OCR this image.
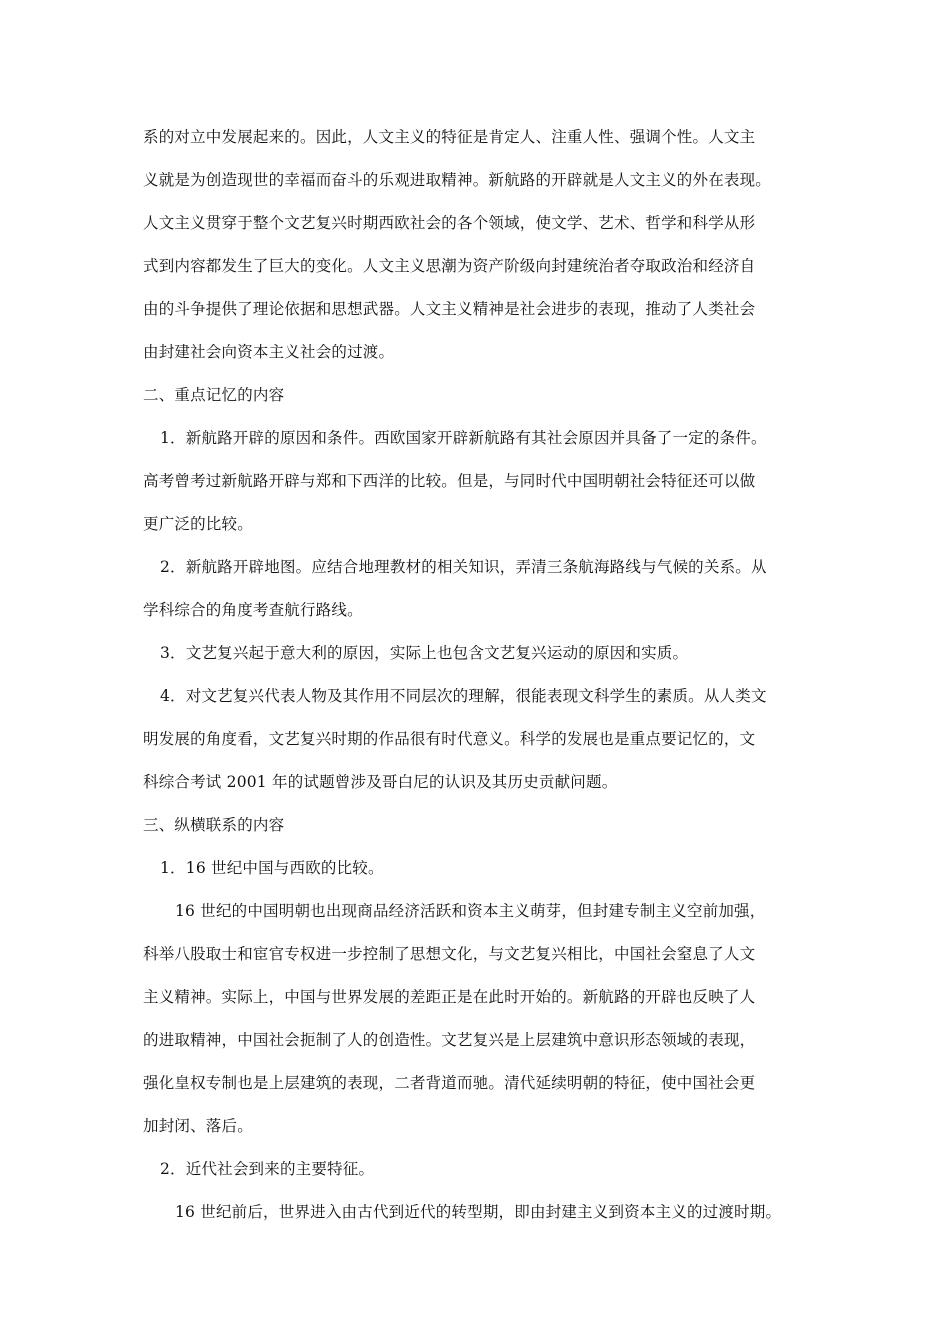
系的对立中发展起来的。因此，人文主义的特征是肯定人、注重人性、强调个性。人文主
义就是为创造现世的幸福而奋斗的乐观进取精神。新航路的开辟就是人文主义的外在表现。
人文主义贯穿于整个文艺复兴时期西欧社会的各个领域，使文学、艺术、哲学和科学从形
式到内容都发生了巨大的变化。人文主义思潮为资产阶级向封建统治者夺取政治和经济自
由的斗争提供了理论依据和思想武器。人文主义精神是社会进步的表现，推动了人类社会
由封建社会向资本主义社会的过渡。
二、重点记忆的内容
1．新航路开辟的原因和条件。西欧国家开辟新航路有其社会原因并具备了一定的条件。
高考曾考过新航路开辟与郑和下西洋的比较。但是，与同时代中国明朝社会特征还可以做
更广泛的比较。
2．新航路开辟地图。应结合地理教材的相关知识，弄清三条航海路线与气候的关系。从
学科综合的角度考查航行路线。
3．文艺复兴起于意大利的原因，实际上也包含文艺复兴运动的原因和实质。
4．对文艺复兴代表人物及其作用不同层次的理解，很能表现文科学生的素质。从人类文
明发展的角度看，文艺复兴时期的作品很有时代意义。科学的发展也是重点要记忆的，文
科综合考试 2001 年的试题曾涉及哥白尼的认识及其历史贡献问题。
三、纵横联系的内容
1．16 世纪中国与西欧的比较。
16 世纪的中国明朝也出现商品经济活跃和资本主义萌芽，但封建专制主义空前加强，
科举八股取士和宦官专权进一步控制了思想文化，与文艺复兴相比，中国社会窒息了人文
主义精神。实际上，中国与世界发展的差距正是在此时开始的。新航路的开辟也反映了人
的进取精神，中国社会扼制了人的创造性。文艺复兴是上层建筑中意识形态领域的表现，
强化皇权专制也是上层建筑的表现，二者背道而驰。清代延续明朝的特征，使中国社会更
加封闭、落后。
2．近代社会到来的主要特征。
16 世纪前后，世界进入由古代到近代的转型期，即由封建主义到资本主义的过渡时期。
